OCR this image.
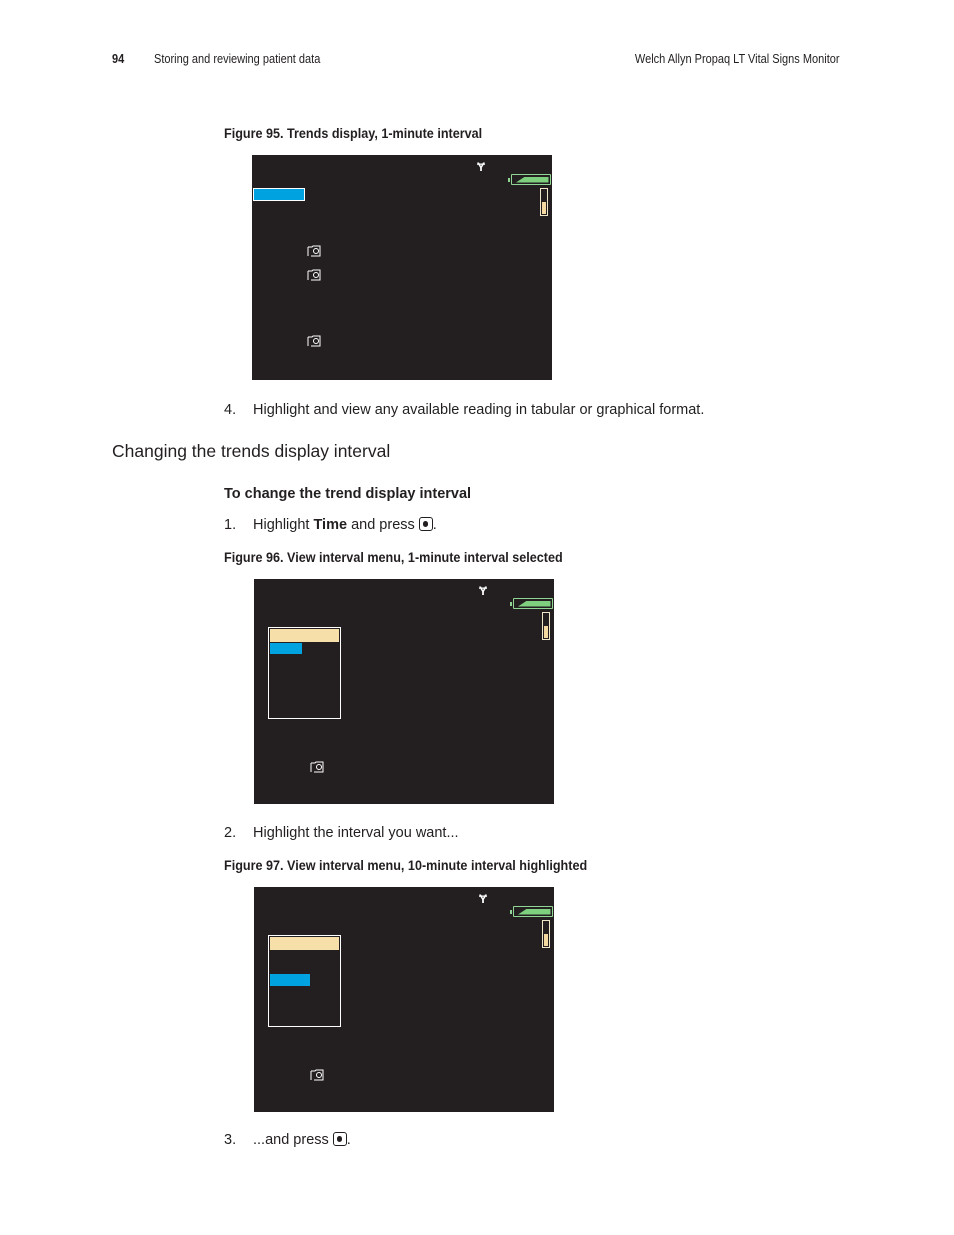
94 Storing and reviewing patient data	Welch Allyn Propaq LT Vital Signs Monitor
Figure 95. Trends display, 1-minute interval
Ɏ
4. Highlight and view any available reading in tabular or graphical format.
Changing the trends display interval
To change the trend display interval
1. Highlight Time and press .
Figure 96. View interval menu, 1-minute interval selected
Ɏ
2. Highlight the interval you want...
Figure 97. View interval menu, 10-minute interval highlighted
Ɏ
3. ...and press .
